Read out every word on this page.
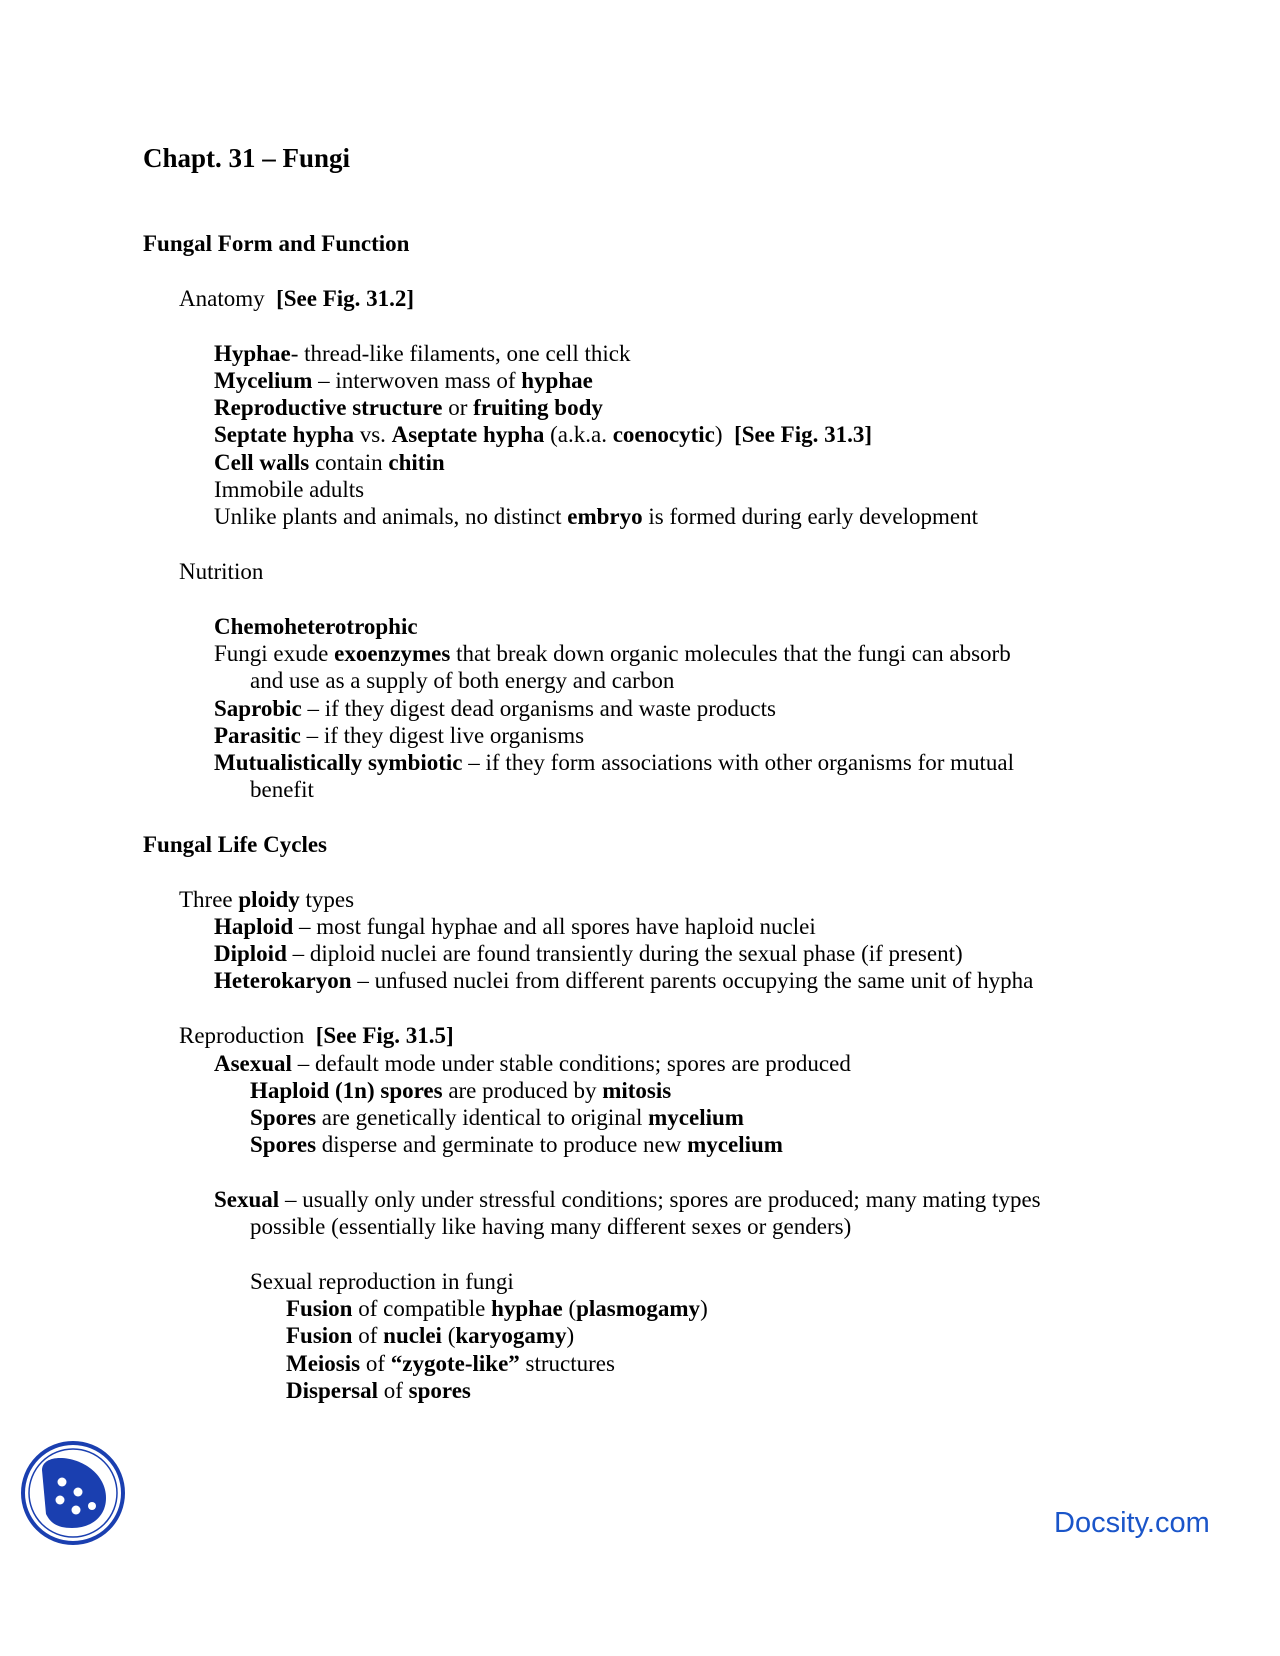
Chapt. 31 – Fungi
Fungal Form and Function
Anatomy [See Fig. 31.2]
Hyphae- thread-like filaments, one cell thick
Mycelium – interwoven mass of hyphae
Reproductive structure or fruiting body
Septate hypha vs. Aseptate hypha (a.k.a. coenocytic)  [See Fig. 31.3]
Cell walls contain chitin
Immobile adults
Unlike plants and animals, no distinct embryo is formed during early development
Nutrition
Chemoheterotrophic
Fungi exude exoenzymes that break down organic molecules that the fungi can absorb
and use as a supply of both energy and carbon
Saprobic – if they digest dead organisms and waste products
Parasitic – if they digest live organisms
Mutualistically symbiotic – if they form associations with other organisms for mutual
benefit
Fungal Life Cycles
Three ploidy types
Haploid – most fungal hyphae and all spores have haploid nuclei
Diploid – diploid nuclei are found transiently during the sexual phase (if present)
Heterokaryon – unfused nuclei from different parents occupying the same unit of hypha
Reproduction [See Fig. 31.5]
Asexual – default mode under stable conditions; spores are produced
Haploid (1n) spores are produced by mitosis
Spores are genetically identical to original mycelium
Spores disperse and germinate to produce new mycelium
Sexual – usually only under stressful conditions; spores are produced; many mating types
possible (essentially like having many different sexes or genders)
Sexual reproduction in fungi
Fusion of compatible hyphae (plasmogamy)
Fusion of nuclei (karyogamy)
Meiosis of “zygote-like” structures
Dispersal of spores
Docsity.com
